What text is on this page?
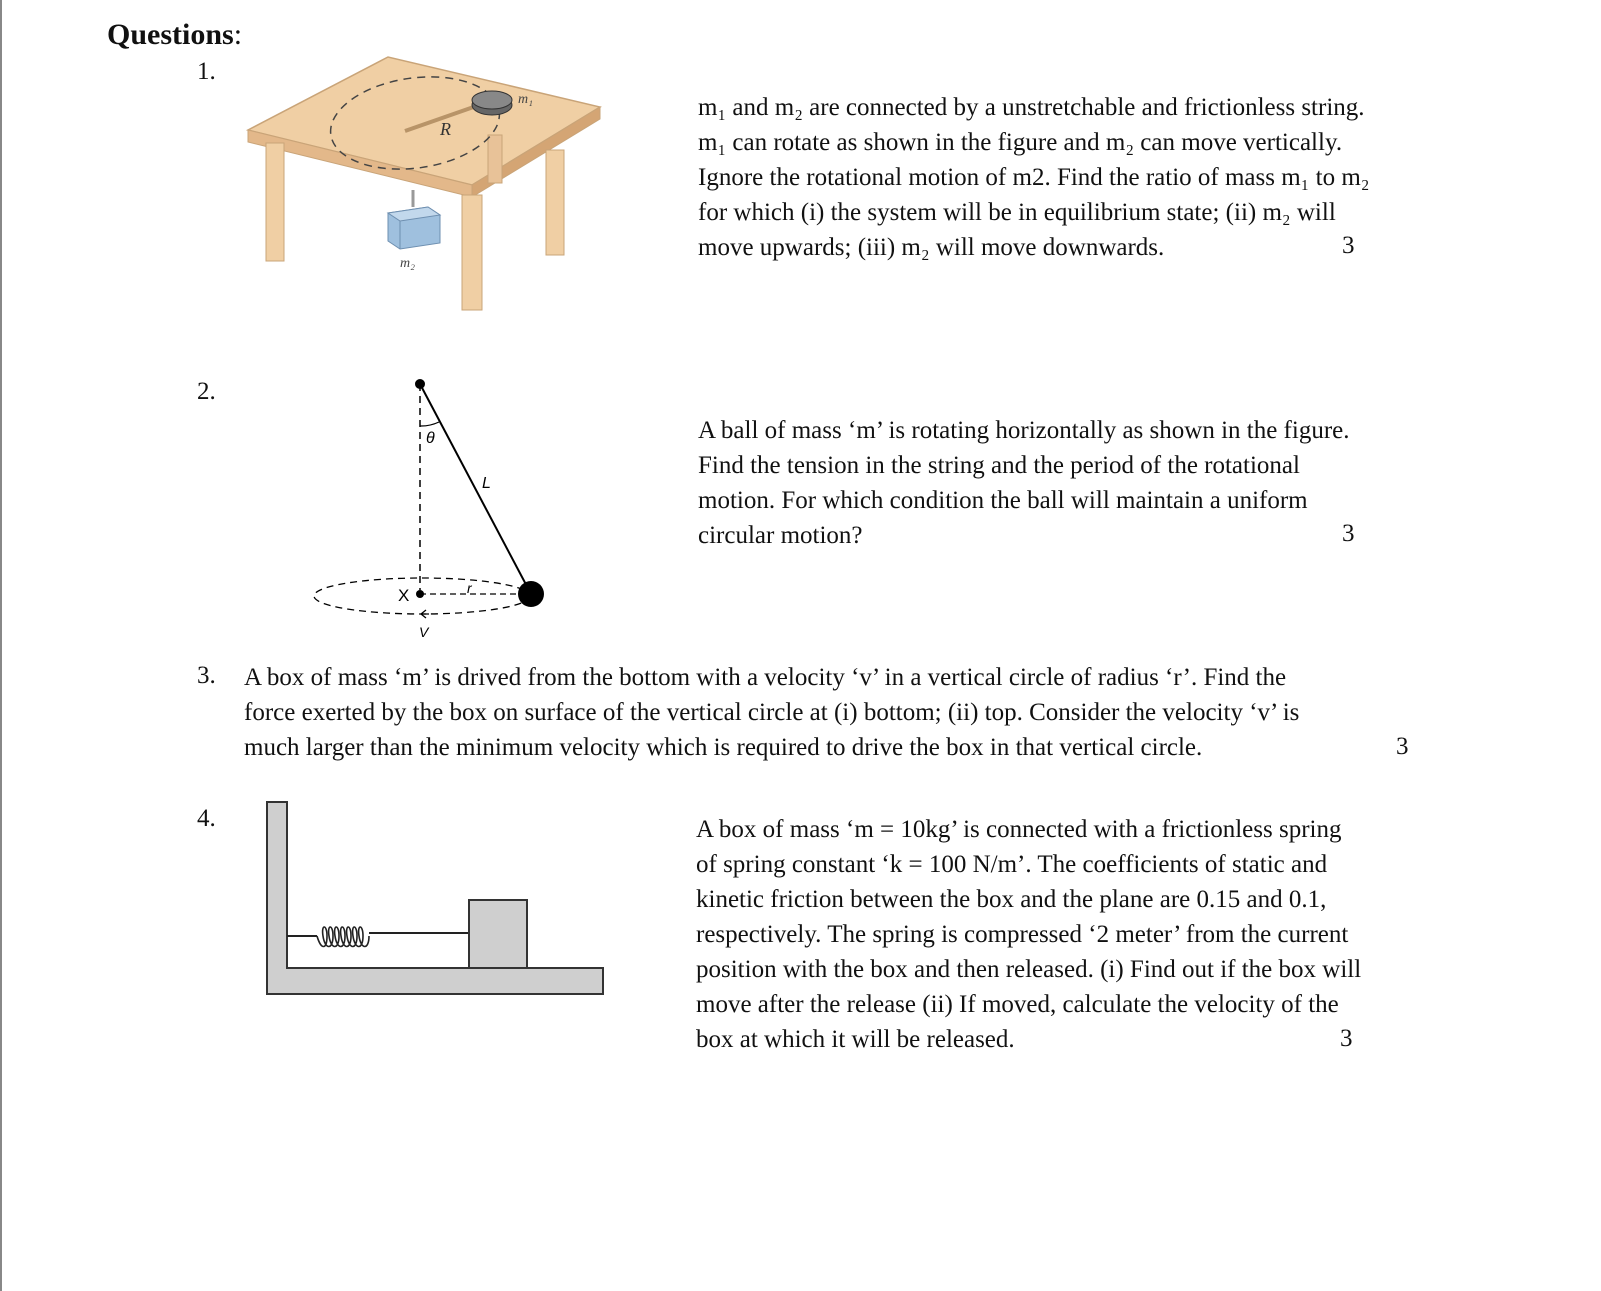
Questions:
1.
m₁
R
m₂
m₁ and m₂ are connected by a unstretchable and frictionless string.
m₁ can rotate as shown in the figure and m₂ can move vertically.
Ignore the rotational motion of m2. Find the ratio of mass m₁ to m₂
for which (i) the system will be in equilibrium state; (ii) m₂ will
move upwards; (iii) m₂ will move downwards.	3
2.
θ
L
X	r
V
A ball of mass ‘m’ is rotating horizontally as shown in the figure.
Find the tension in the string and the period of the rotational
motion. For which condition the ball will maintain a uniform
circular motion?	3
3. A box of mass ‘m’ is drived from the bottom with a velocity ‘v’ in a vertical circle of radius ‘r’. Find the
force exerted by the box on surface of the vertical circle at (i) bottom; (ii) top. Consider the velocity ‘v’ is
much larger than the minimum velocity which is required to drive the box in that vertical circle.	3
4.	A box of mass ‘m = 10kg’ is connected with a frictionless spring
of spring constant ‘k = 100 N/m’. The coefficients of static and
kinetic friction between the box and the plane are 0.15 and 0.1,
respectively. The spring is compressed ‘2 meter’ from the current
position with the box and then released. (i) Find out if the box will
move after the release (ii) If moved, calculate the velocity of the
box at which it will be released.	3
